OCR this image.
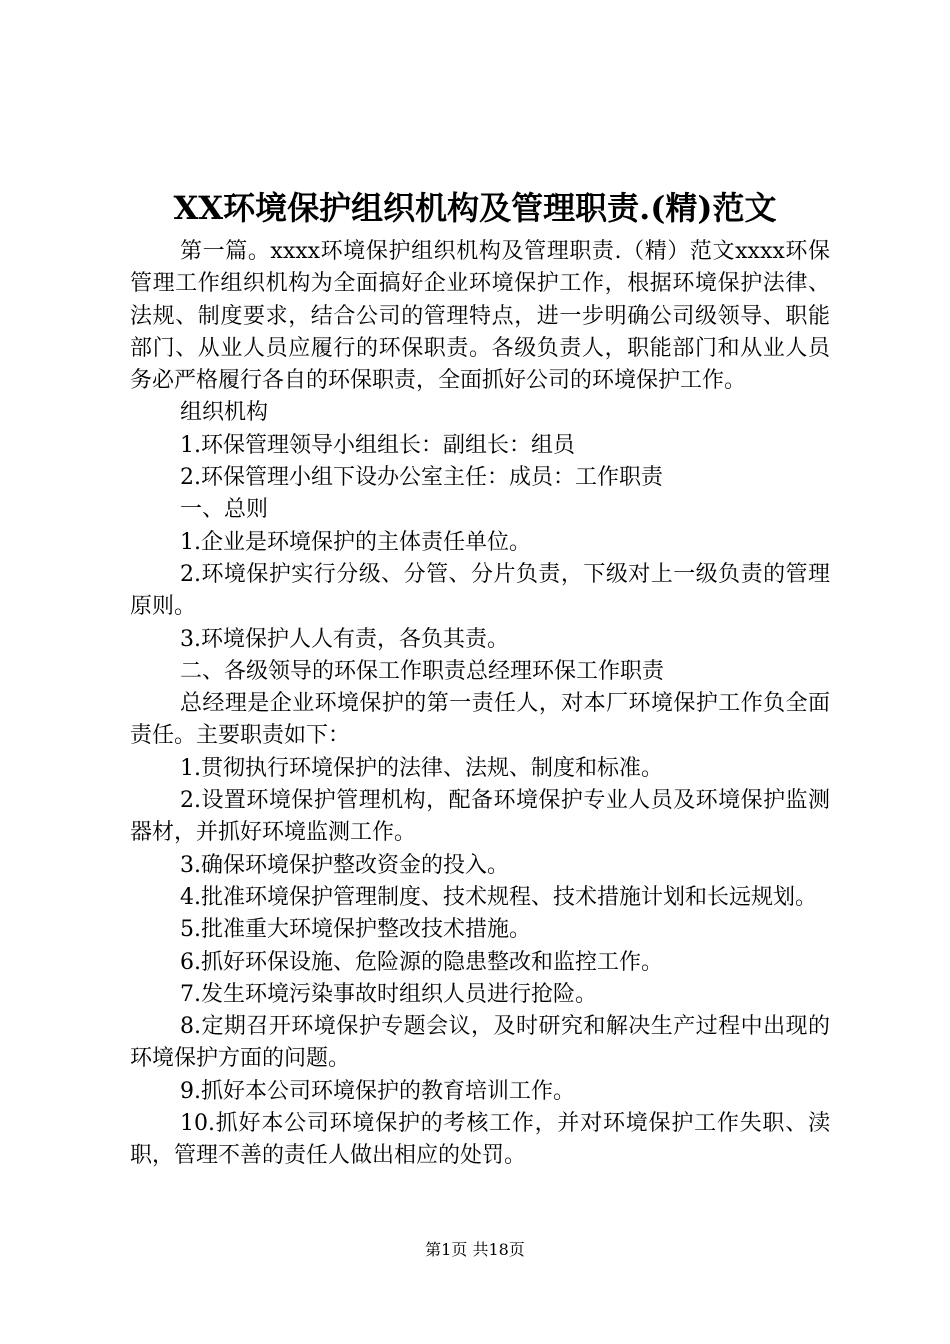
XX环境保护组织机构及管理职责.(精)范文

第一篇。xxxx环境保护组织机构及管理职责.（精）范文xxxx环保管理工作组织机构为全面搞好企业环境保护工作，根据环境保护法律、法规、制度要求，结合公司的管理特点，进一步明确公司级领导、职能部门、从业人员应履行的环保职责。各级负责人，职能部门和从业人员务必严格履行各自的环保职责，全面抓好公司的环境保护工作。

组织机构

1.环保管理领导小组组长：副组长：组员

2.环保管理小组下设办公室主任：成员：工作职责

一、总则

1.企业是环境保护的主体责任单位。

2.环境保护实行分级、分管、分片负责，下级对上一级负责的管理原则。

3.环境保护人人有责，各负其责。

二、各级领导的环保工作职责总经理环保工作职责

总经理是企业环境保护的第一责任人，对本厂环境保护工作负全面责任。主要职责如下：

1.贯彻执行环境保护的法律、法规、制度和标准。

2.设置环境保护管理机构，配备环境保护专业人员及环境保护监测器材，并抓好环境监测工作。

3.确保环境保护整改资金的投入。

4.批准环境保护管理制度、技术规程、技术措施计划和长远规划。

5.批准重大环境保护整改技术措施。

6.抓好环保设施、危险源的隐患整改和监控工作。

7.发生环境污染事故时组织人员进行抢险。

8.定期召开环境保护专题会议，及时研究和解决生产过程中出现的环境保护方面的问题。

9.抓好本公司环境保护的教育培训工作。

10.抓好本公司环境保护的考核工作，并对环境保护工作失职、渎职，管理不善的责任人做出相应的处罚。

第1页 共18页
